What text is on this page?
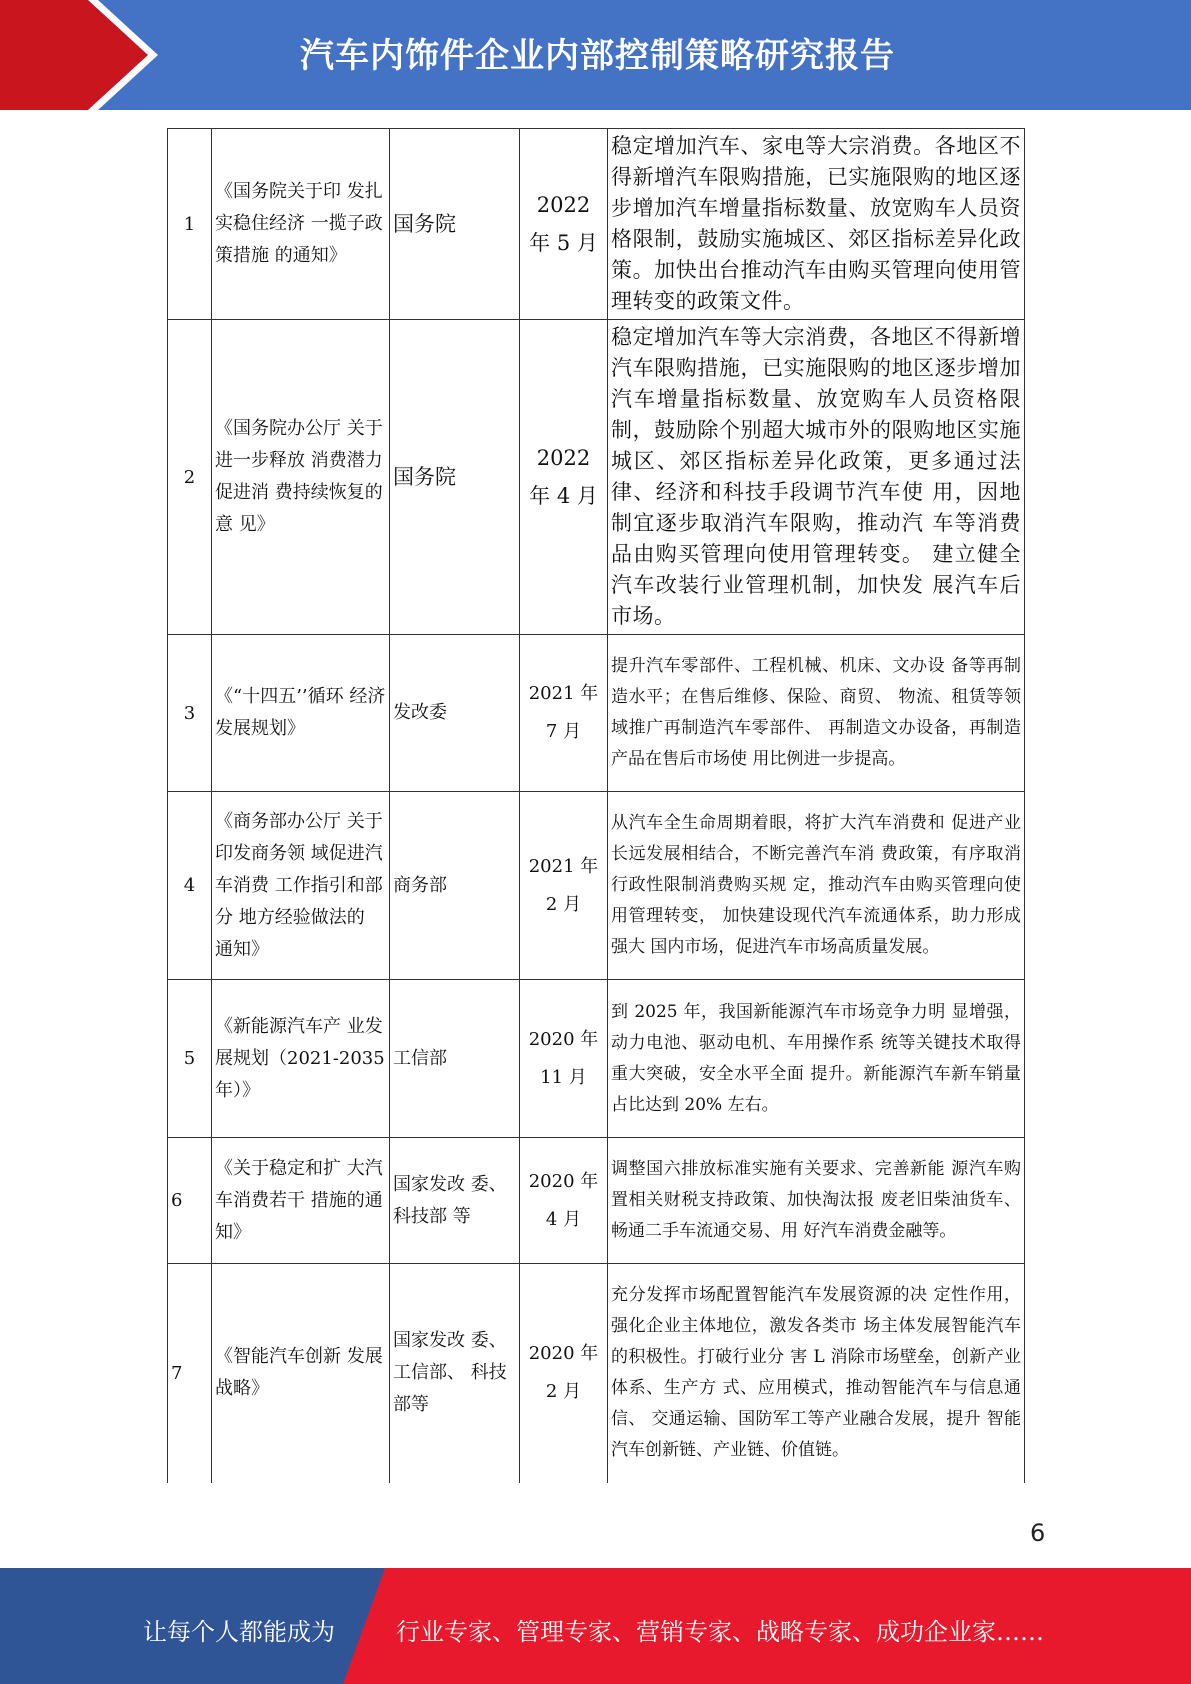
汽车内饰件企业内部控制策略研究报告
1	《国务院关于印 发扎实稳住经济 一揽子政策措施 的通知》	国务院	2022 年 5 月	稳定增加汽车、家电等大宗消费。各地区不得新增汽车限购措施，已实施限购的地区逐步增加汽车增量指标数量、放宽购车人员资格限制，鼓励实施城区、郊区指标差异化政策。加快出台推动汽车由购买管理向使用管理转变的政策文件。
2	《国务院办公厅 关于进一步释放 消费潜力促进消 费持续恢复的意 见》	国务院	2022 年 4 月	稳定增加汽车等大宗消费，各地区不得新增汽车限购措施，已实施限购的地区逐步增加汽车增量指标数量、放宽购车人员资格限制，鼓励除个别超大城市外的限购地区实施城区、郊区指标差异化政策，更多通过法律、经济和科技手段调节汽车使 用，因地制宜逐步取消汽车限购，推动汽 车等消费品由购买管理向使用管理转变。 建立健全汽车改装行业管理机制，加快发 展汽车后市场。
3	《“十四五’’循环 经济发展规划》	发改委	2021 年 7 月	提升汽车零部件、工程机械、机床、文办设 备等再制造水平；在售后维修、保险、商贸、 物流、租赁等领域推广再制造汽车零部件、 再制造文办设备，再制造产品在售后市场使 用比例进一步提高。
4	《商务部办公厅 关于印发商务领 域促进汽车消费 工作指引和部分 地方经验做法的 通知》	商务部	2021 年 2 月	从汽车全生命周期着眼，将扩大汽车消费和 促进产业长远发展相结合，不断完善汽车消 费政策，有序取消行政性限制消费购买规 定，推动汽车由购买管理向使用管理转变， 加快建设现代汽车流通体系，助力形成强大 国内市场，促进汽车市场高质量发展。
5	《新能源汽车产 业发展规划（2021-2035 年）》	工信部	2020 年 11 月	到 2025 年，我国新能源汽车市场竞争力明 显增强，动力电池、驱动电机、车用操作系 统等关键技术取得重大突破，安全水平全面 提升。新能源汽车新车销量占比达到 20% 左右。
6	《关于稳定和扩 大汽车消费若干 措施的通知》	国家发改 委、科技部 等	2020 年 4 月	调整国六排放标准实施有关要求、完善新能 源汽车购置相关财税支持政策、加快淘汰报 废老旧柴油货车、畅通二手车流通交易、用 好汽车消费金融等。
7	《智能汽车创新 发展战略》	国家发改 委、工信部、 科技部等	2020 年 2 月	充分发挥市场配置智能汽车发展资源的决 定性作用，强化企业主体地位，激发各类市 场主体发展智能汽车的积极性。打破行业分 害 L 消除市场壁垒，创新产业体系、生产方 式、应用模式，推动智能汽车与信息通信、 交通运输、国防军工等产业融合发展，提升 智能汽车创新链、产业链、价值链。
6
让每个人都能成为	行业专家、管理专家、营销专家、战略专家、成功企业家……
